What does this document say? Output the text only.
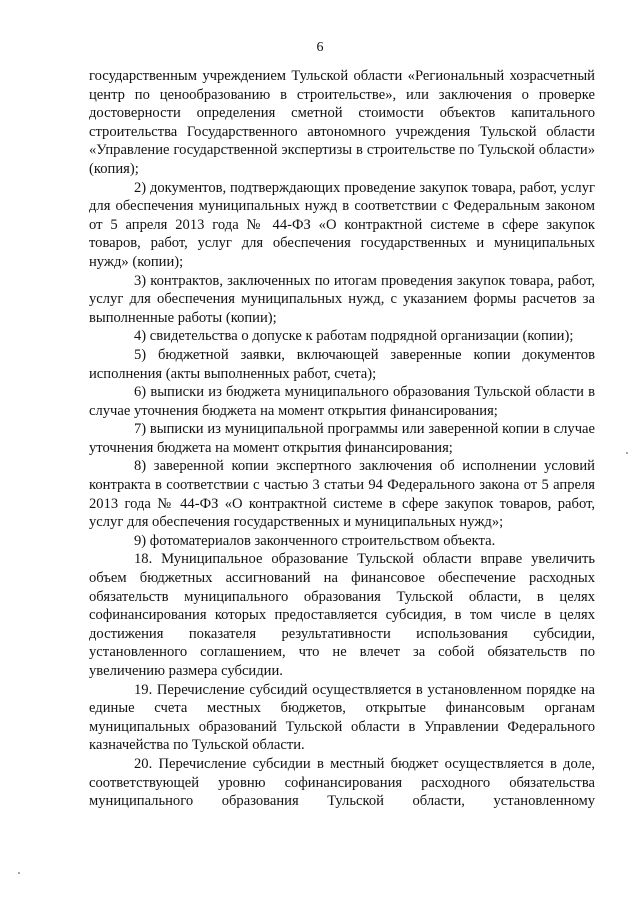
6

государственным учреждением Тульской области «Региональный хозрасчетный центр по ценообразованию в строительстве», или заключения о проверке достоверности определения сметной стоимости объектов капитального строительства Государственного автономного учреждения Тульской области «Управление государственной экспертизы в строительстве по Тульской области» (копия);

2) документов, подтверждающих проведение закупок товара, работ, услуг для обеспечения муниципальных нужд в соответствии с Федеральным законом от 5 апреля 2013 года № 44-ФЗ «О контрактной системе в сфере закупок товаров, работ, услуг для обеспечения государственных и муниципальных нужд» (копии);

3) контрактов, заключенных по итогам проведения закупок товара, работ, услуг для обеспечения муниципальных нужд, с указанием формы расчетов за выполненные работы (копии);

4) свидетельства о допуске к работам подрядной организации (копии);

5) бюджетной заявки, включающей заверенные копии документов исполнения (акты выполненных работ, счета);

6) выписки из бюджета муниципального образования Тульской области в случае уточнения бюджета на момент открытия финансирования;

7) выписки из муниципальной программы или заверенной копии в случае уточнения бюджета на момент открытия финансирования;

8) заверенной копии экспертного заключения об исполнении условий контракта в соответствии с частью 3 статьи 94 Федерального закона от 5 апреля 2013 года № 44-ФЗ «О контрактной системе в сфере закупок товаров, работ, услуг для обеспечения государственных и муниципальных нужд»;

9) фотоматериалов законченного строительством объекта.

18. Муниципальное образование Тульской области вправе увеличить объем бюджетных ассигнований на финансовое обеспечение расходных обязательств муниципального образования Тульской области, в целях софинансирования которых предоставляется субсидия, в том числе в целях достижения показателя результативности использования субсидии, установленного соглашением, что не влечет за собой обязательств по увеличению размера субсидии.

19. Перечисление субсидий осуществляется в установленном порядке на единые счета местных бюджетов, открытые финансовым органам муниципальных образований Тульской области в Управлении Федерального казначейства по Тульской области.

20. Перечисление субсидии в местный бюджет осуществляется в доле, соответствующей уровню софинансирования расходного обязательства муниципального образования Тульской области, установленному
